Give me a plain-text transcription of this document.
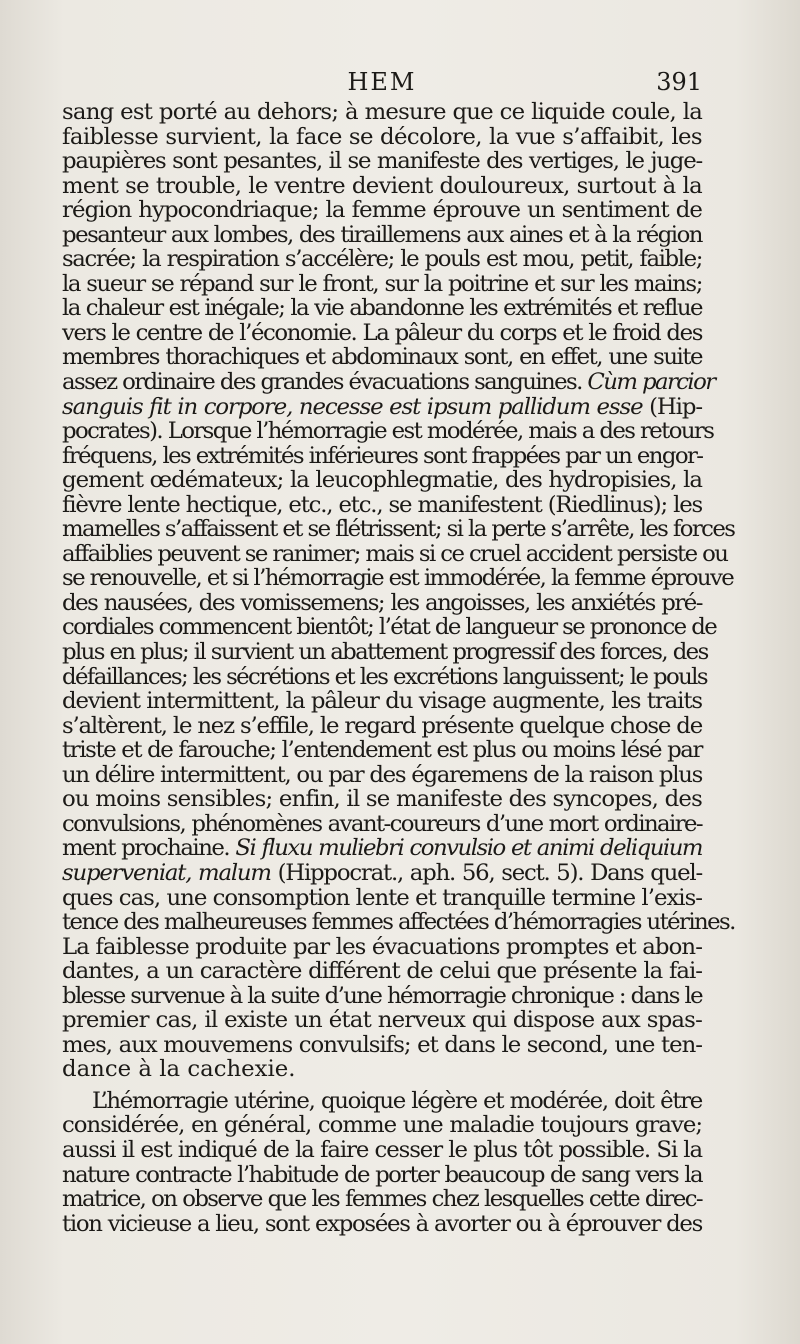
HEM	391
sang est porté au dehors; à mesure que ce liquide coule, la
faiblesse survient, la face se décolore, la vue s’affaibit, les
paupières sont pesantes, il se manifeste des vertiges, le juge-
ment se trouble, le ventre devient douloureux, surtout à la
région hypocondriaque; la femme éprouve un sentiment de
pesanteur aux lombes, des tiraillemens aux aines et à la région
sacrée; la respiration s’accélère; le pouls est mou, petit, faible;
la sueur se répand sur le front, sur la poitrine et sur les mains;
la chaleur est inégale; la vie abandonne les extrémités et reflue
vers le centre de l’économie. La pâleur du corps et le froid des
membres thorachiques et abdominaux sont, en effet, une suite
assez ordinaire des grandes évacuations sanguines. Cùm parcior
sanguis fit in corpore, necesse est ipsum pallidum esse (Hip-
pocrates). Lorsque l’hémorragie est modérée, mais a des retours
fréquens, les extrémités inférieures sont frappées par un engor-
gement œdémateux; la leucophlegmatie, des hydropisies, la
fièvre lente hectique, etc., etc., se manifestent (Riedlinus); les
mamelles s’affaissent et se flétrissent; si la perte s’arrête, les forces
affaiblies peuvent se ranimer; mais si ce cruel accident persiste ou
se renouvelle, et si l’hémorragie est immodérée, la femme éprouve
des nausées, des vomissemens; les angoisses, les anxiétés pré-
cordiales commencent bientôt; l’état de langueur se prononce de
plus en plus; il survient un abattement progressif des forces, des
défaillances; les sécrétions et les excrétions languissent; le pouls
devient intermittent, la pâleur du visage augmente, les traits
s’altèrent, le nez s’effile, le regard présente quelque chose de
triste et de farouche; l’entendement est plus ou moins lésé par
un délire intermittent, ou par des égaremens de la raison plus
ou moins sensibles; enfin, il se manifeste des syncopes, des
convulsions, phénomènes avant-coureurs d’une mort ordinaire-
ment prochaine. Si fluxu muliebri convulsio et animi deliquium
superveniat, malum (Hippocrat., aph. 56, sect. 5). Dans quel-
ques cas, une consomption lente et tranquille termine l’exis-
tence des malheureuses femmes affectées d’hémorragies utérines.
La faiblesse produite par les évacuations promptes et abon-
dantes, a un caractère différent de celui que présente la fai-
blesse survenue à la suite d’une hémorragie chronique : dans le
premier cas, il existe un état nerveux qui dispose aux spas-
mes, aux mouvemens convulsifs; et dans le second, une ten-
dance à la cachexie.
L’hémorragie utérine, quoique légère et modérée, doit être
considérée, en général, comme une maladie toujours grave;
aussi il est indiqué de la faire cesser le plus tôt possible. Si la
nature contracte l’habitude de porter beaucoup de sang vers la
matrice, on observe que les femmes chez lesquelles cette direc-
tion vicieuse a lieu, sont exposées à avorter ou à éprouver des
